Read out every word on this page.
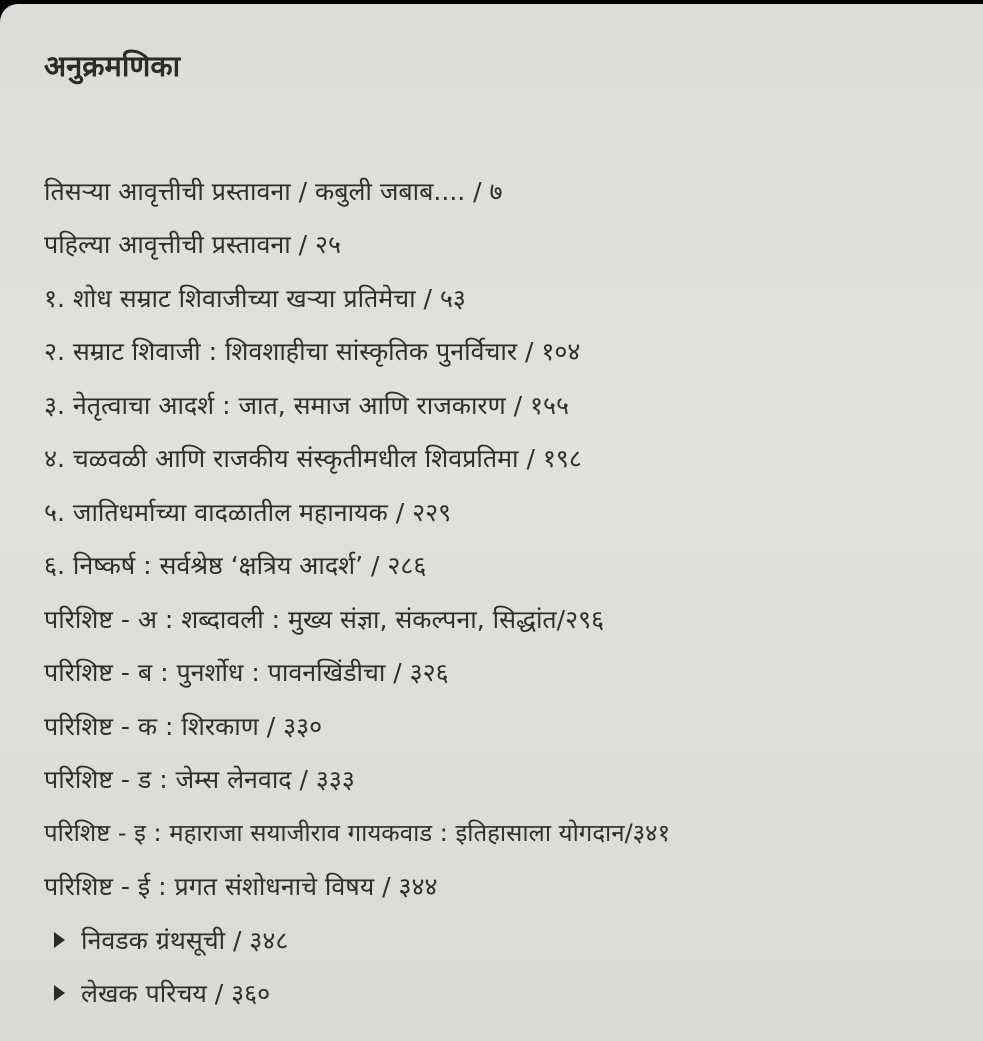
अनुक्रमणिका
तिसऱ्या आवृत्तीची प्रस्तावना / कबुली जबाब.... / ७
पहिल्या आवृत्तीची प्रस्तावना / २५
१. शोध सम्राट शिवाजीच्या खऱ्या प्रतिमेचा / ५३
२. सम्राट शिवाजी : शिवशाहीचा सांस्कृतिक पुनर्विचार / १०४
३. नेतृत्वाचा आदर्श : जात, समाज आणि राजकारण / १५५
४. चळवळी आणि राजकीय संस्कृतीमधील शिवप्रतिमा / १९८
५. जातिधर्माच्या वादळातील महानायक / २२९
६. निष्कर्ष : सर्वश्रेष्ठ ‘क्षत्रिय आदर्श’ / २८६
परिशिष्ट - अ : शब्दावली : मुख्य संज्ञा, संकल्पना, सिद्धांत/२९६
परिशिष्ट - ब : पुनर्शोध : पावनखिंडीचा / ३२६
परिशिष्ट - क : शिरकाण / ३३०
परिशिष्ट - ड : जेम्स लेनवाद / ३३३
परिशिष्ट - इ : महाराजा सयाजीराव गायकवाड : इतिहासाला योगदान/३४१
परिशिष्ट - ई : प्रगत संशोधनाचे विषय / ३४४
निवडक ग्रंथसूची / ३४८
लेखक परिचय / ३६०
